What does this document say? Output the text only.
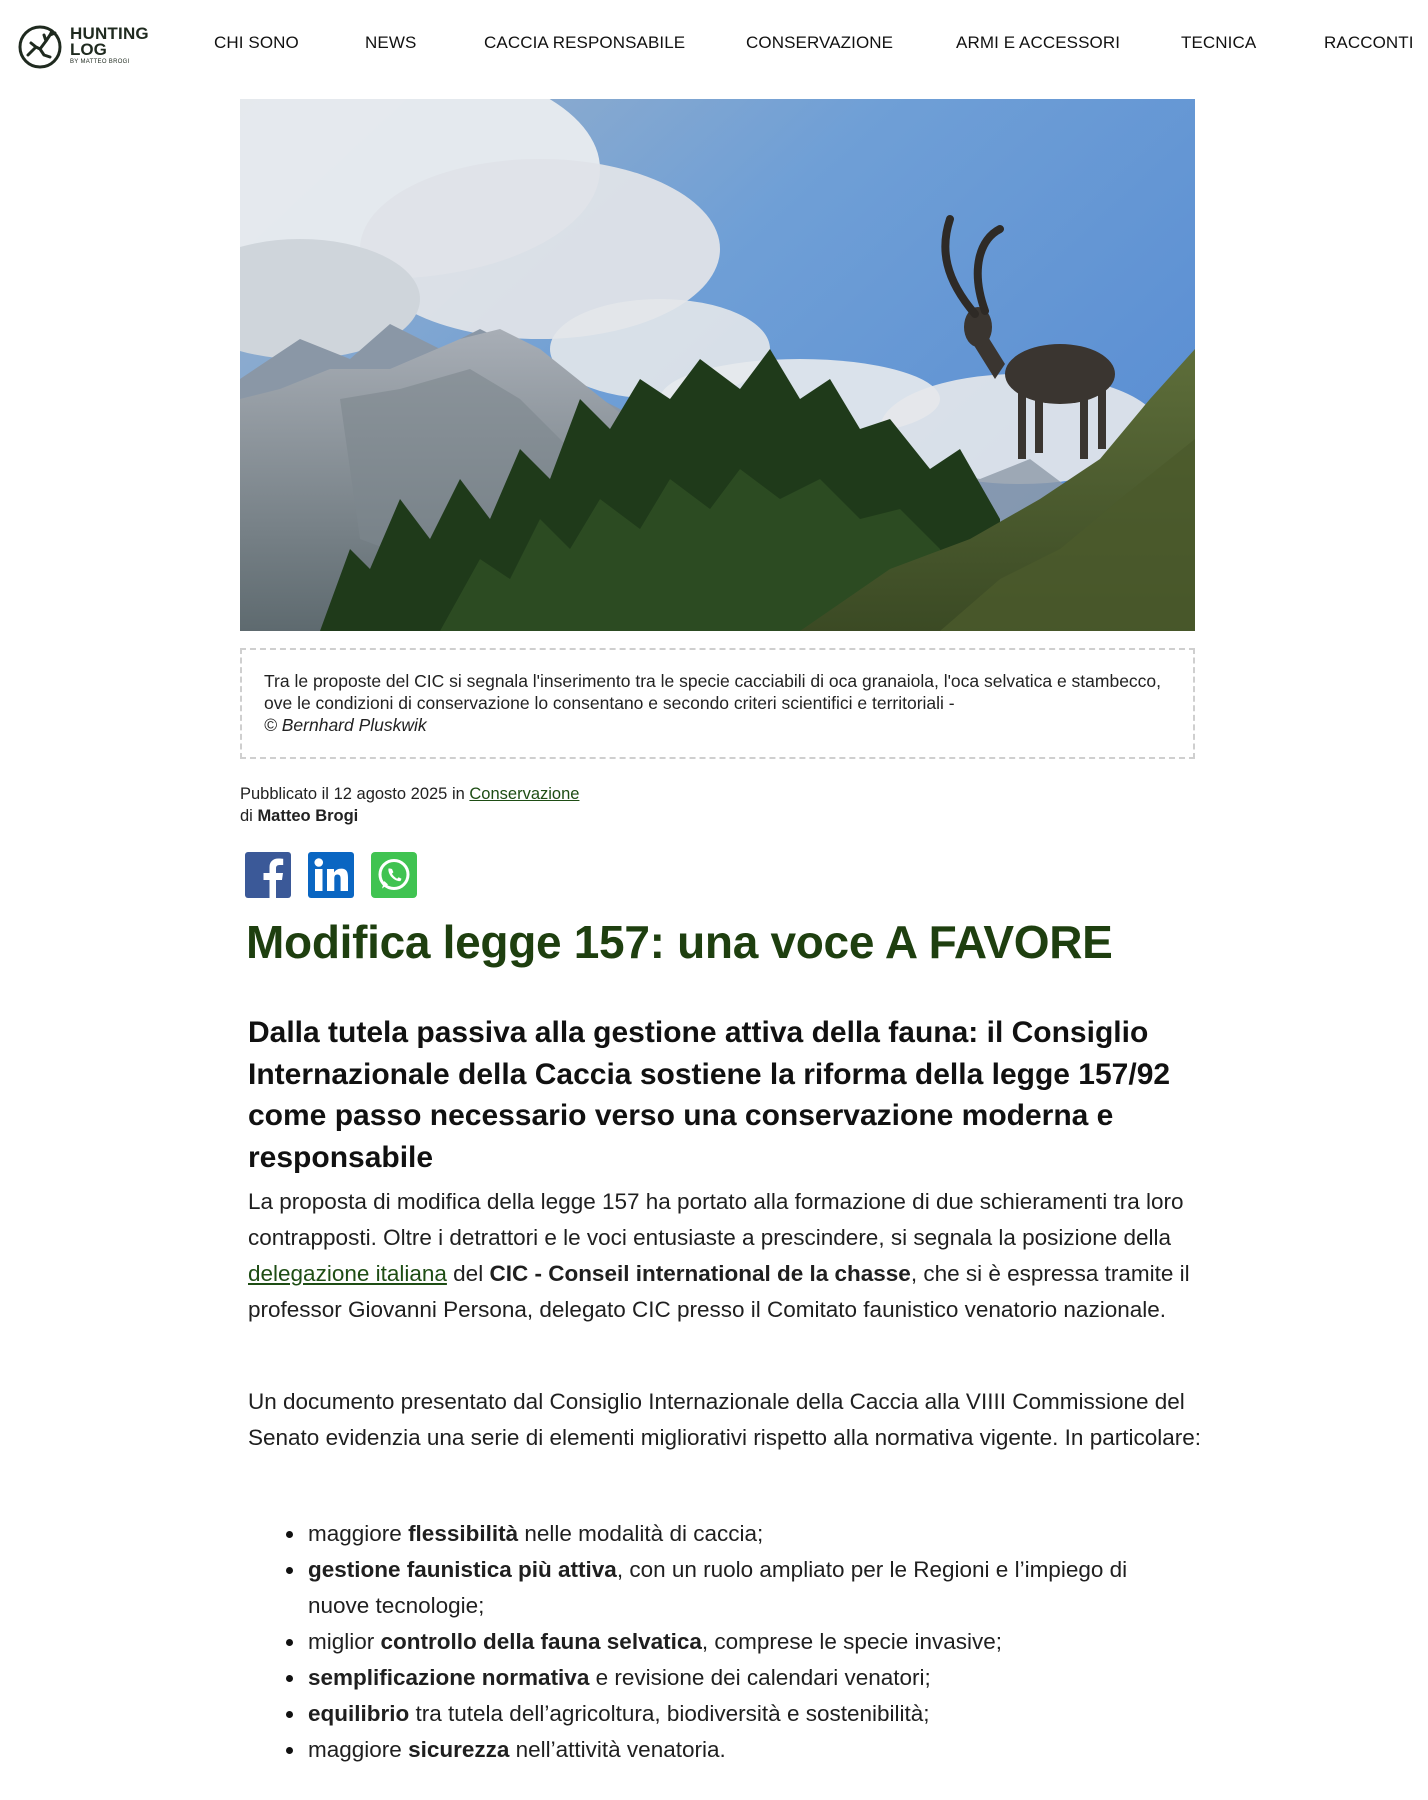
HUNTING
LOG
BY MATTEO BROGI
CHI SONO	NEWS	CACCIA RESPONSABILE	CONSERVAZIONE	ARMI E ACCESSORI	TECNICA	RACCONTI
Tra le proposte del CIC si segnala l'inserimento tra le specie cacciabili di oca granaiola, l'oca selvatica e stambecco, ove le condizioni di conservazione lo consentano e secondo criteri scientifici e territoriali -
© Bernhard Pluskwik
Pubblicato il 12 agosto 2025 in Conservazione
di Matteo Brogi
Modifica legge 157: una voce A FAVORE
Dalla tutela passiva alla gestione attiva della fauna: il Consiglio Internazionale della Caccia sostiene la riforma della legge 157/92 come passo necessario verso una conservazione moderna e responsabile

La proposta di modifica della legge 157 ha portato alla formazione di due schieramenti tra loro contrapposti. Oltre i detrattori e le voci entusiaste a prescindere, si segnala la posizione della delegazione italiana del CIC - Conseil international de la chasse, che si è espressa tramite il professor Giovanni Persona, delegato CIC presso il Comitato faunistico venatorio nazionale.

Un documento presentato dal Consiglio Internazionale della Caccia alla VIIII Commissione del Senato evidenzia una serie di elementi migliorativi rispetto alla normativa vigente. In particolare:

maggiore flessibilità nelle modalità di caccia;
gestione faunistica più attiva, con un ruolo ampliato per le Regioni e l’impiego di nuove tecnologie;
miglior controllo della fauna selvatica, comprese le specie invasive;
semplificazione normativa e revisione dei calendari venatori;
equilibrio tra tutela dell’agricoltura, biodiversità e sostenibilità;
maggiore sicurezza nell’attività venatoria.
